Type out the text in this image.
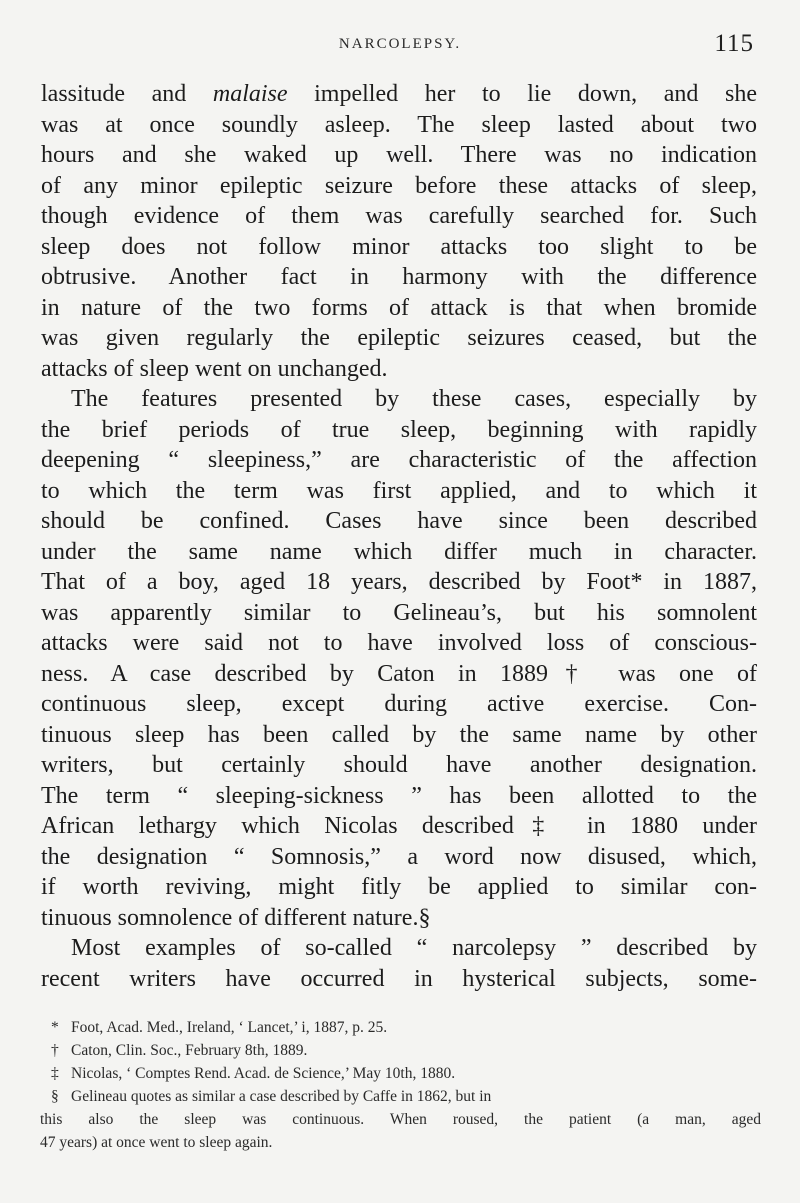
NARCOLEPSY.	115
lassitude and malaise impelled her to lie down, and she
was at once soundly asleep. The sleep lasted about two
hours and she waked up well. There was no indication
of any minor epileptic seizure before these attacks of sleep,
though evidence of them was carefully searched for. Such
sleep does not follow minor attacks too slight to be
obtrusive. Another fact in harmony with the difference
in nature of the two forms of attack is that when bromide
was given regularly the epileptic seizures ceased, but the
attacks of sleep went on unchanged.
The features presented by these cases, especially by
the brief periods of true sleep, beginning with rapidly
deepening “ sleepiness,” are characteristic of the affection
to which the term was first applied, and to which it
should be confined. Cases have since been described
under the same name which differ much in character.
That of a boy, aged 18 years, described by Foot* in 1887,
was apparently similar to Gelineau’s, but his somnolent
attacks were said not to have involved loss of conscious-
ness. A case described by Caton in 1889† was one of
continuous sleep, except during active exercise. Con-
tinuous sleep has been called by the same name by other
writers, but certainly should have another designation.
The term “ sleeping-sickness ” has been allotted to the
African lethargy which Nicolas described‡ in 1880 under
the designation “ Somnosis,” a word now disused, which,
if worth reviving, might fitly be applied to similar con-
tinuous somnolence of different nature.§
Most examples of so-called “ narcolepsy ” described by
recent writers have occurred in hysterical subjects, some-
* Foot, Acad. Med., Ireland, ‘ Lancet,’ i, 1887, p. 25.
† Caton, Clin. Soc., February 8th, 1889.
‡ Nicolas, ‘ Comptes Rend. Acad. de Science,’ May 10th, 1880.
§ Gelineau quotes as similar a case described by Caffe in 1862, but in
this also the sleep was continuous. When roused, the patient (a man, aged
47 years) at once went to sleep again.
